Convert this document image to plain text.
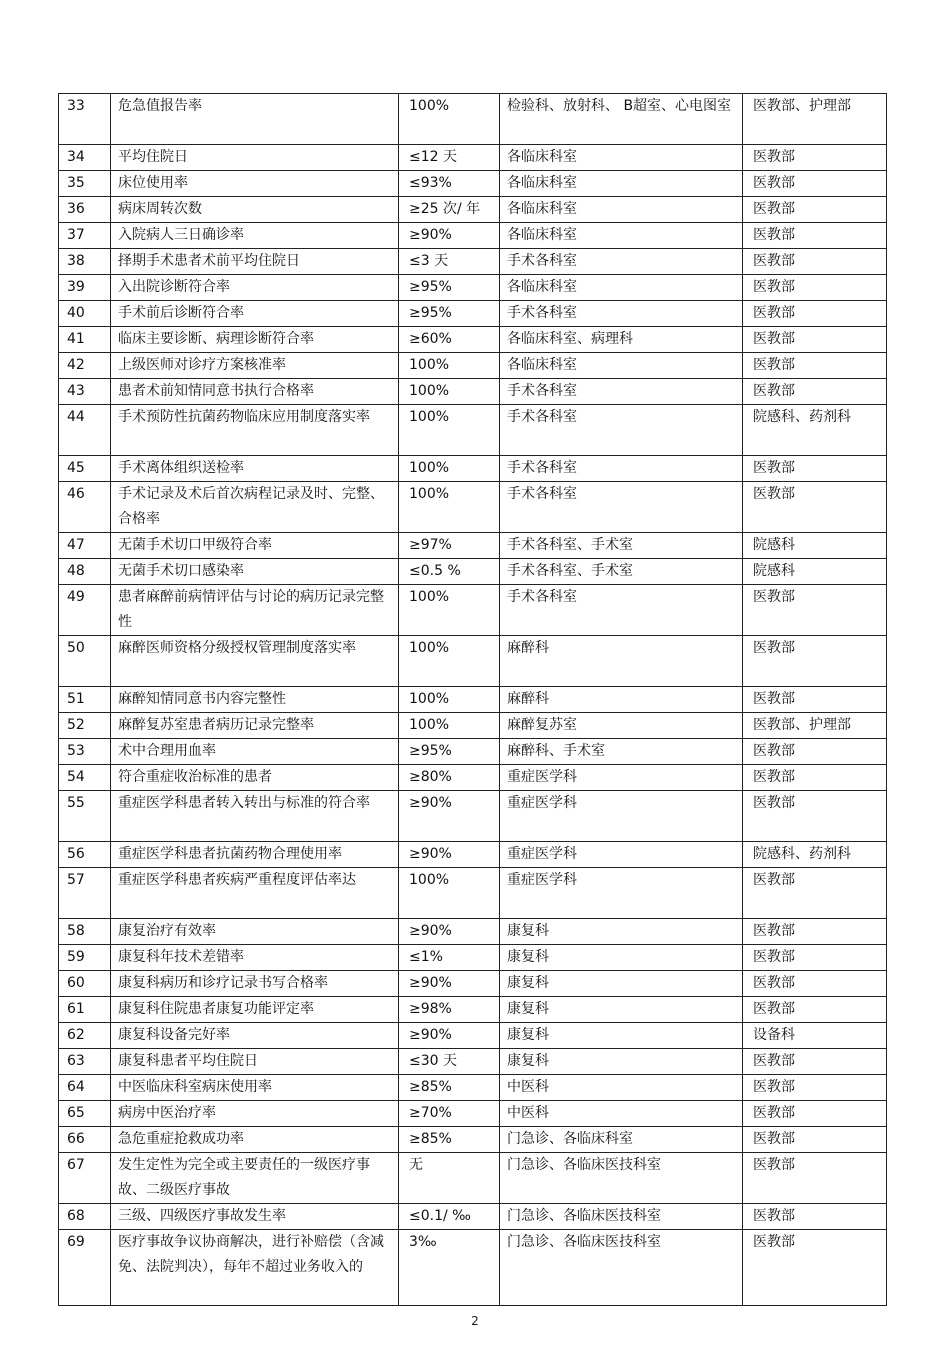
33	危急值报告率	100%	检验科、放射科、 B超室、心电图室	医教部、护理部
34	平均住院日	≤12 天	各临床科室	医教部
35	床位使用率	≤93%	各临床科室	医教部
36	病床周转次数	≥25 次/ 年	各临床科室	医教部
37	入院病人三日确诊率	≥90%	各临床科室	医教部
38	择期手术患者术前平均住院日	≤3 天	手术各科室	医教部
39	入出院诊断符合率	≥95%	各临床科室	医教部
40	手术前后诊断符合率	≥95%	手术各科室	医教部
41	临床主要诊断、病理诊断符合率	≥60%	各临床科室、病理科	医教部
42	上级医师对诊疗方案核准率	100%	各临床科室	医教部
43	患者术前知情同意书执行合格率	100%	手术各科室	医教部
44	手术预防性抗菌药物临床应用制度落实率	100%	手术各科室	院感科、药剂科
45	手术离体组织送检率	100%	手术各科室	医教部
46	手术记录及术后首次病程记录及时、完整、合格率	100%	手术各科室	医教部
47	无菌手术切口甲级符合率	≥97%	手术各科室、手术室	院感科
48	无菌手术切口感染率	≤0.5 %	手术各科室、手术室	院感科
49	患者麻醉前病情评估与讨论的病历记录完整性	100%	手术各科室	医教部
50	麻醉医师资格分级授权管理制度落实率	100%	麻醉科	医教部
51	麻醉知情同意书内容完整性	100%	麻醉科	医教部
52	麻醉复苏室患者病历记录完整率	100%	麻醉复苏室	医教部、护理部
53	术中合理用血率	≥95%	麻醉科、手术室	医教部
54	符合重症收治标准的患者	≥80%	重症医学科	医教部
55	重症医学科患者转入转出与标准的符合率	≥90%	重症医学科	医教部
56	重症医学科患者抗菌药物合理使用率	≥90%	重症医学科	院感科、药剂科
57	重症医学科患者疾病严重程度评估率达	100%	重症医学科	医教部
58	康复治疗有效率	≥90%	康复科	医教部
59	康复科年技术差错率	≤1%	康复科	医教部
60	康复科病历和诊疗记录书写合格率	≥90%	康复科	医教部
61	康复科住院患者康复功能评定率	≥98%	康复科	医教部
62	康复科设备完好率	≥90%	康复科	设备科
63	康复科患者平均住院日	≤30 天	康复科	医教部
64	中医临床科室病床使用率	≥85%	中医科	医教部
65	病房中医治疗率	≥70%	中医科	医教部
66	急危重症抢救成功率	≥85%	门急诊、各临床科室	医教部
67	发生定性为完全或主要责任的一级医疗事故、二级医疗事故	无	门急诊、各临床医技科室	医教部
68	三级、四级医疗事故发生率	≤0.1/ ‰	门急诊、各临床医技科室	医教部
69	医疗事故争议协商解决，进行补赔偿（含减免、法院判决），每年不超过业务收入的	3‰	门急诊、各临床医技科室	医教部
2
